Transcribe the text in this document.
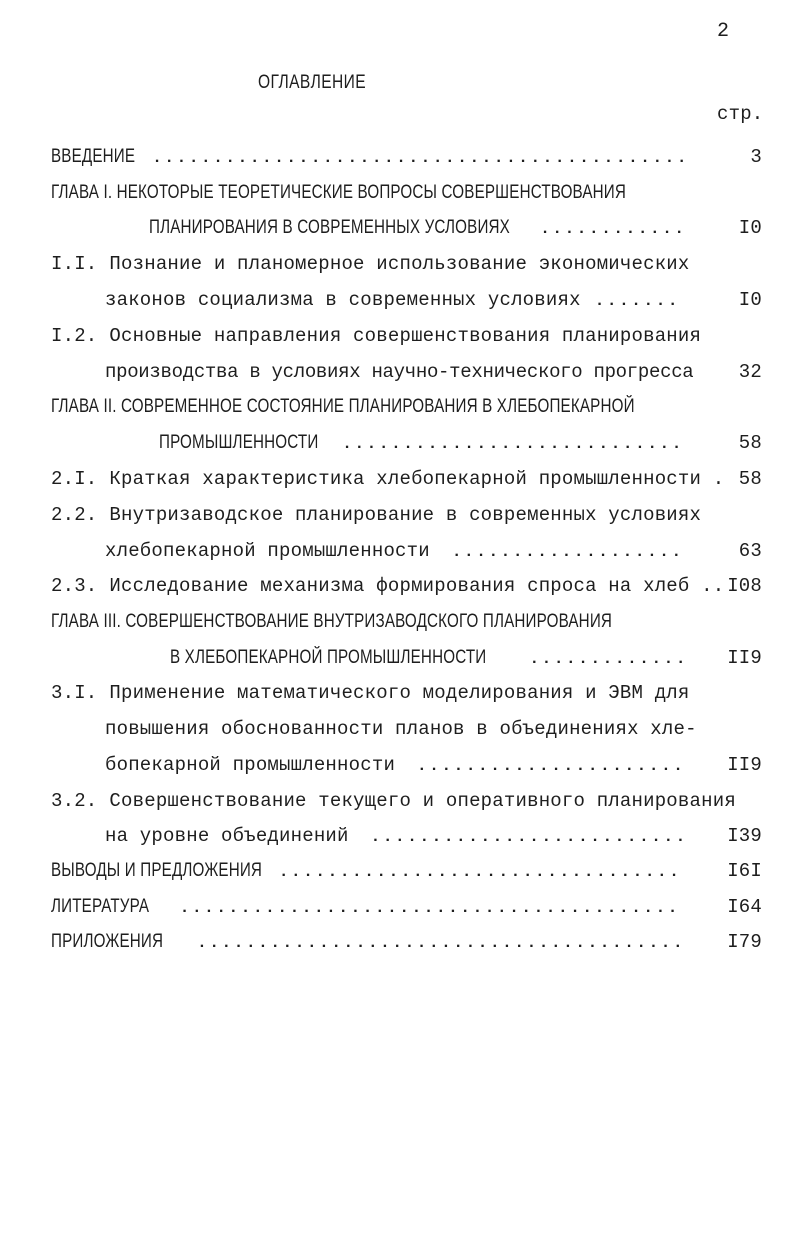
2
ОГЛАВЛЕНИЕ
стр.
ВВЕДЕНИЕ .....	3
ГЛАВА I. НЕКОТОРЫЕ ТЕОРЕТИЧЕСКИЕ ВОПРОСЫ СОВЕРШЕНСТВОВАНИЯ
ПЛАНИРОВАНИЯ В СОВРЕМЕННЫХ УСЛОВИЯХ .....	I0
I.I. Познание и планомерное использование экономических
законов социализма в современных условиях .....	I0
I.2. Основные направления совершенствования планирования
производства в условиях научно-технического прогресса	32
ГЛАВА II. СОВРЕМЕННОЕ СОСТОЯНИЕ ПЛАНИРОВАНИЯ В ХЛЕБОПЕКАРНОЙ
ПРОМЫШЛЕННОСТИ .....	58
2.I. Краткая характеристика хлебопекарной промышленности . 58
2.2. Внутризаводское планирование в современных условиях
хлебопекарной промышленности .....	63
2.3. Исследование механизма формирования спроса на хлеб .. I08
ГЛАВА III. СОВЕРШЕНСТВОВАНИЕ ВНУТРИЗАВОДСКОГО ПЛАНИРОВАНИЯ
В ХЛЕБОПЕКАРНОЙ ПРОМЫШЛЕННОСТИ .....	II9
3.I. Применение математического моделирования и ЭВМ для
повышения обоснованности планов в объединениях хле-
бопекарной промышленности .....	II9
3.2. Совершенствование текущего и оперативного планирования
на уровне объединений .....	I39
ВЫВОДЫ И ПРЕДЛОЖЕНИЯ .....	I6I
ЛИТЕРАТУРА .....	I64
ПРИЛОЖЕНИЯ .....	I79
